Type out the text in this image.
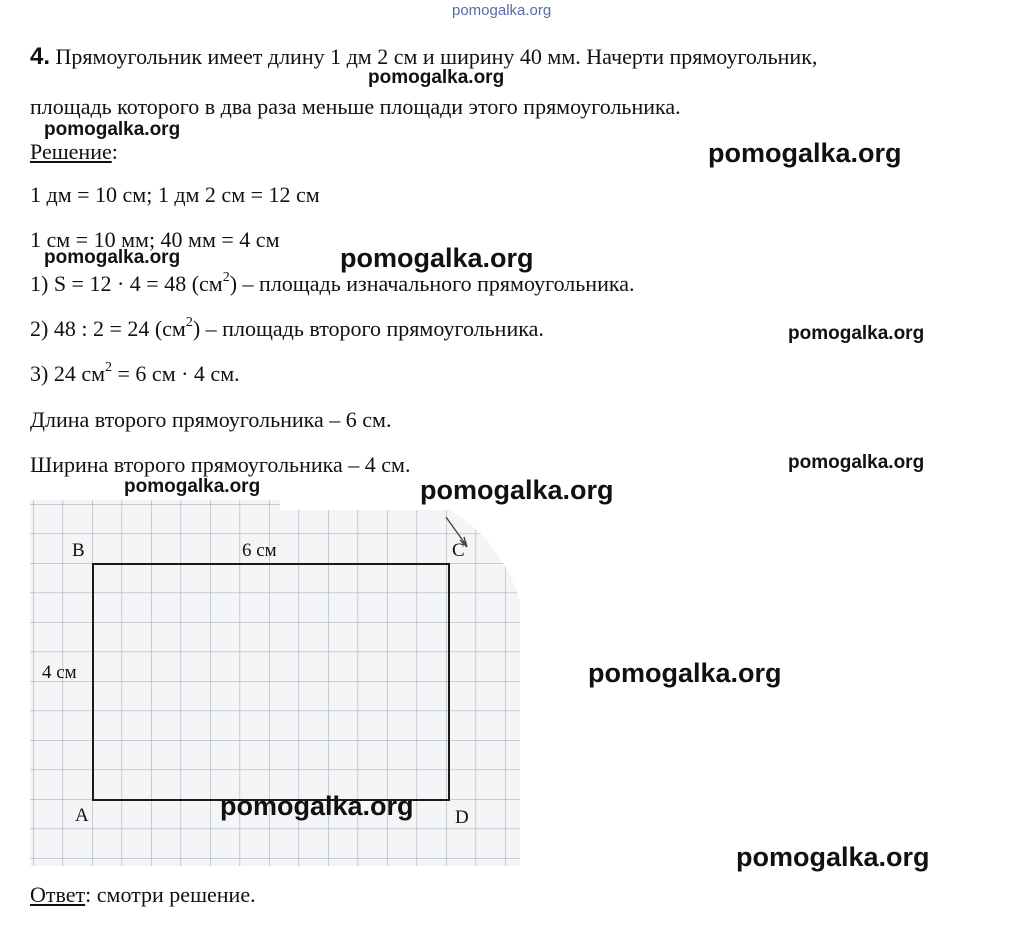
pomogalka.org
pomogalka.org
pomogalka.org
pomogalka.org
pomogalka.org	pomogalka.org
pomogalka.org
pomogalka.org
pomogalka.org	pomogalka.org
4. Прямоугольник имеет длину 1 дм 2 см и ширину 40 мм. Начерти прямоугольник,
площадь которого в два раза меньше площади этого прямоугольника.
Решение:
1 дм = 10 см; 1 дм 2 см = 12 см
1 см = 10 мм; 40 мм = 4 см
1) S = 12 · 4 = 48 $(см^2)$ – площадь изначального прямоугольника.
2) 48 : 2 = 24 $(см^2)$ – площадь второго прямоугольника.
3) 24 $см^2 = 6$ см · 4 см.
Длина второго прямоугольника – 6 см.
Ширина второго прямоугольника – 4 см.
B	C
A	D
6 см
4 см	pomogalka.org
pomogalka.org
pomogalka.org
Ответ: смотри решение.
